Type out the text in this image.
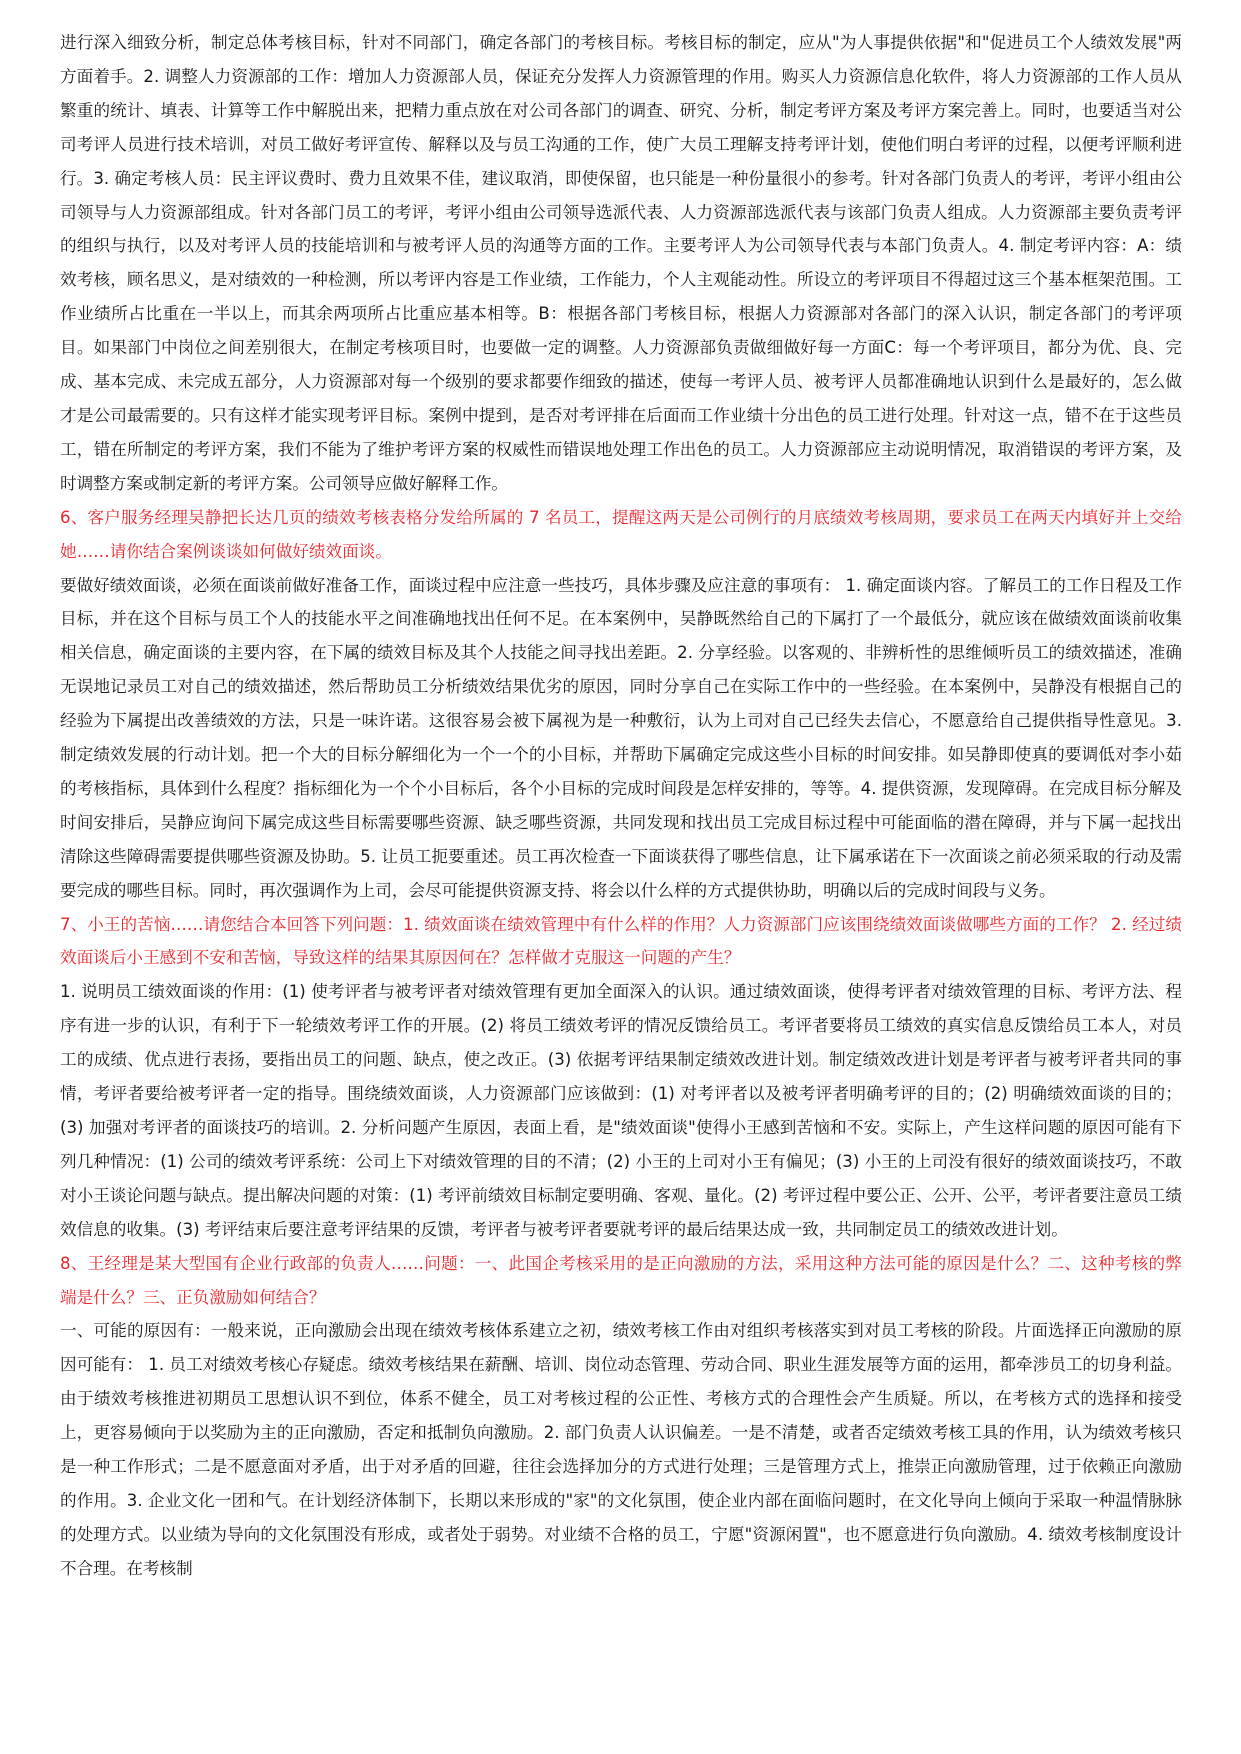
进行深入细致分析，制定总体考核目标，针对不同部门，确定各部门的考核目标。考核目标的制定，应从"为人事提供依据"和"促进员工个人绩效发展"两方面着手。2. 调整人力资源部的工作：增加人力资源部人员，保证充分发挥人力资源管理的作用。购买人力资源信息化软件，将人力资源部的工作人员从繁重的统计、填表、计算等工作中解脱出来，把精力重点放在对公司各部门的调查、研究、分析，制定考评方案及考评方案完善上。同时，也要适当对公司考评人员进行技术培训，对员工做好考评宣传、解释以及与员工沟通的工作，使广大员工理解支持考评计划，使他们明白考评的过程，以便考评顺利进行。3. 确定考核人员：民主评议费时、费力且效果不佳，建议取消，即使保留，也只能是一种份量很小的参考。针对各部门负责人的考评，考评小组由公司领导与人力资源部组成。针对各部门员工的考评，考评小组由公司领导选派代表、人力资源部选派代表与该部门负责人组成。人力资源部主要负责考评的组织与执行，以及对考评人员的技能培训和与被考评人员的沟通等方面的工作。主要考评人为公司领导代表与本部门负责人。4. 制定考评内容：A：绩效考核，顾名思义，是对绩效的一种检测，所以考评内容是工作业绩，工作能力，个人主观能动性。所设立的考评项目不得超过这三个基本框架范围。工作业绩所占比重在一半以上，而其余两项所占比重应基本相等。B：根据各部门考核目标，根据人力资源部对各部门的深入认识，制定各部门的考评项目。如果部门中岗位之间差别很大，在制定考核项目时，也要做一定的调整。人力资源部负责做细做好每一方面C：每一个考评项目，都分为优、良、完成、基本完成、未完成五部分，人力资源部对每一个级别的要求都要作细致的描述，使每一考评人员、被考评人员都准确地认识到什么是最好的，怎么做才是公司最需要的。只有这样才能实现考评目标。案例中提到，是否对考评排在后面而工作业绩十分出色的员工进行处理。针对这一点，错不在于这些员工，错在所制定的考评方案，我们不能为了维护考评方案的权威性而错误地处理工作出色的员工。人力资源部应主动说明情况，取消错误的考评方案，及时调整方案或制定新的考评方案。公司领导应做好解释工作。

6、客户服务经理吴静把长达几页的绩效考核表格分发给所属的 7 名员工，提醒这两天是公司例行的月底绩效考核周期，要求员工在两天内填好并上交给她……请你结合案例谈谈如何做好绩效面谈。

要做好绩效面谈，必须在面谈前做好准备工作，面谈过程中应注意一些技巧，具体步骤及应注意的事项有： 1. 确定面谈内容。了解员工的工作日程及工作目标，并在这个目标与员工个人的技能水平之间准确地找出任何不足。在本案例中，吴静既然给自己的下属打了一个最低分，就应该在做绩效面谈前收集相关信息，确定面谈的主要内容，在下属的绩效目标及其个人技能之间寻找出差距。2. 分享经验。以客观的、非辨析性的思维倾听员工的绩效描述，准确无误地记录员工对自己的绩效描述，然后帮助员工分析绩效结果优劣的原因，同时分享自己在实际工作中的一些经验。在本案例中，吴静没有根据自己的经验为下属提出改善绩效的方法，只是一味许诺。这很容易会被下属视为是一种敷衍，认为上司对自己已经失去信心，不愿意给自己提供指导性意见。3. 制定绩效发展的行动计划。把一个大的目标分解细化为一个一个的小目标，并帮助下属确定完成这些小目标的时间安排。如吴静即使真的要调低对李小茹的考核指标，具体到什么程度？指标细化为一个个小目标后，各个小目标的完成时间段是怎样安排的，等等。4. 提供资源，发现障碍。在完成目标分解及时间安排后，吴静应询问下属完成这些目标需要哪些资源、缺乏哪些资源，共同发现和找出员工完成目标过程中可能面临的潜在障碍，并与下属一起找出清除这些障碍需要提供哪些资源及协助。5. 让员工扼要重述。员工再次检查一下面谈获得了哪些信息，让下属承诺在下一次面谈之前必须采取的行动及需要完成的哪些目标。同时，再次强调作为上司，会尽可能提供资源支持、将会以什么样的方式提供协助，明确以后的完成时间段与义务。

7、小王的苦恼……请您结合本回答下列问题：1. 绩效面谈在绩效管理中有什么样的作用？人力资源部门应该围绕绩效面谈做哪些方面的工作？ 2. 经过绩效面谈后小王感到不安和苦恼，导致这样的结果其原因何在？怎样做才克服这一问题的产生？

1. 说明员工绩效面谈的作用：(1) 使考评者与被考评者对绩效管理有更加全面深入的认识。通过绩效面谈，使得考评者对绩效管理的目标、考评方法、程序有进一步的认识，有利于下一轮绩效考评工作的开展。(2) 将员工绩效考评的情况反馈给员工。考评者要将员工绩效的真实信息反馈给员工本人，对员工的成绩、优点进行表扬，要指出员工的问题、缺点，使之改正。(3) 依据考评结果制定绩效改进计划。制定绩效改进计划是考评者与被考评者共同的事情，考评者要给被考评者一定的指导。围绕绩效面谈，人力资源部门应该做到：(1) 对考评者以及被考评者明确考评的目的；(2) 明确绩效面谈的目的；(3) 加强对考评者的面谈技巧的培训。2. 分析问题产生原因，表面上看，是"绩效面谈"使得小王感到苦恼和不安。实际上，产生这样问题的原因可能有下列几种情况：(1) 公司的绩效考评系统：公司上下对绩效管理的目的不清；(2) 小王的上司对小王有偏见；(3) 小王的上司没有很好的绩效面谈技巧，不敢对小王谈论问题与缺点。提出解决问题的对策：(1) 考评前绩效目标制定要明确、客观、量化。(2) 考评过程中要公正、公开、公平，考评者要注意员工绩效信息的收集。(3) 考评结束后要注意考评结果的反馈，考评者与被考评者要就考评的最后结果达成一致，共同制定员工的绩效改进计划。

8、王经理是某大型国有企业行政部的负责人……问题：一、此国企考核采用的是正向激励的方法，采用这种方法可能的原因是什么？二、这种考核的弊端是什么？三、正负激励如何结合？

一、可能的原因有：一般来说，正向激励会出现在绩效考核体系建立之初，绩效考核工作由对组织考核落实到对员工考核的阶段。片面选择正向激励的原因可能有： 1. 员工对绩效考核心存疑虑。绩效考核结果在薪酬、培训、岗位动态管理、劳动合同、职业生涯发展等方面的运用，都牵涉员工的切身利益。由于绩效考核推进初期员工思想认识不到位，体系不健全，员工对考核过程的公正性、考核方式的合理性会产生质疑。所以，在考核方式的选择和接受上，更容易倾向于以奖励为主的正向激励，否定和抵制负向激励。2. 部门负责人认识偏差。一是不清楚，或者否定绩效考核工具的作用，认为绩效考核只是一种工作形式；二是不愿意面对矛盾，出于对矛盾的回避，往往会选择加分的方式进行处理；三是管理方式上，推崇正向激励管理，过于依赖正向激励的作用。3. 企业文化一团和气。在计划经济体制下，长期以来形成的"家"的文化氛围，使企业内部在面临问题时，在文化导向上倾向于采取一种温情脉脉的处理方式。以业绩为导向的文化氛围没有形成，或者处于弱势。对业绩不合格的员工，宁愿"资源闲置"，也不愿意进行负向激励。4. 绩效考核制度设计不合理。在考核制
